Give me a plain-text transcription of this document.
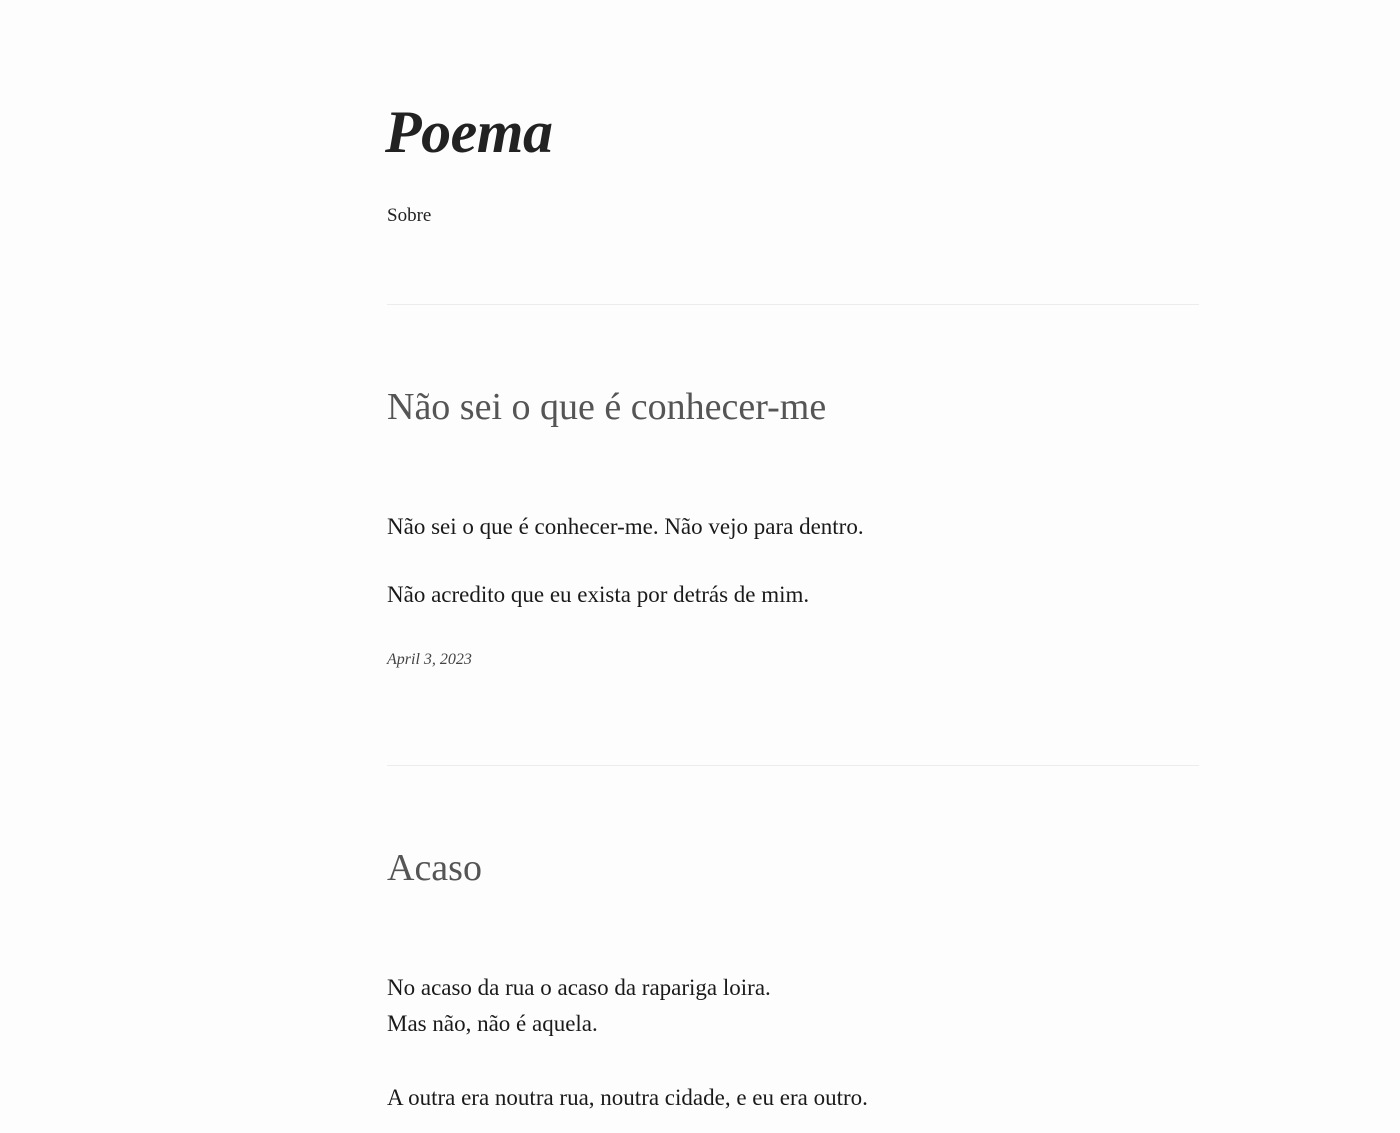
Poema
Sobre
Não sei o que é conhecer-me

Não sei o que é conhecer-me. Não vejo para dentro.

Não acredito que eu exista por detrás de mim.

April 3, 2023
Acaso

No acaso da rua o acaso da rapariga loira.

Mas não, não é aquela.

A outra era noutra rua, noutra cidade, e eu era outro.
